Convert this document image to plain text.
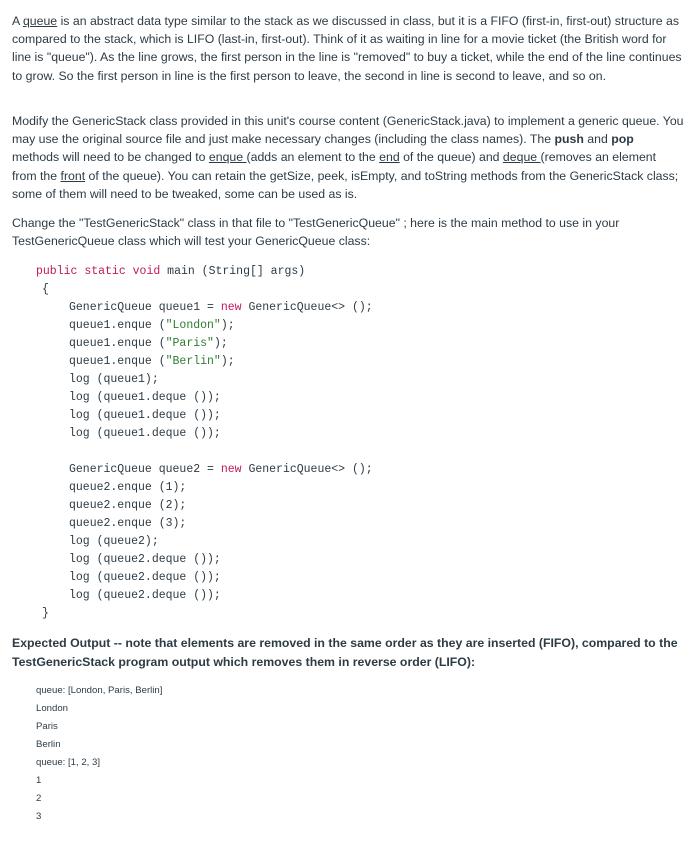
A queue is an abstract data type similar to the stack as we discussed in class, but it is a FIFO (first-in, first-out) structure as compared to the stack, which is LIFO (last-in, first-out). Think of it as waiting in line for a movie ticket (the British word for line is "queue"). As the line grows, the first person in the line is "removed" to buy a ticket, while the end of the line continues to grow. So the first person in line is the first person to leave, the second in line is second to leave, and so on.

Modify the GenericStack class provided in this unit's course content (GenericStack.java) to implement a generic queue. You may use the original source file and just make necessary changes (including the class names). The push and pop methods will need to be changed to enque (adds an element to the end of the queue) and deque (removes an element from the front of the queue). You can retain the getSize, peek, isEmpty, and toString methods from the GenericStack class; some of them will need to be tweaked, some can be used as is.

Change the "TestGenericStack" class in that file to "TestGenericQueue" ; here is the main method to use in your TestGenericQueue class which will test your GenericQueue class:

public static void main (String[] args)
{
GenericQueue queue1 = new GenericQueue<> ();
queue1.enque ("London");
queue1.enque ("Paris");
queue1.enque ("Berlin");
log (queue1);
log (queue1.deque ());
log (queue1.deque ());
log (queue1.deque ());
GenericQueue queue2 = new GenericQueue<> ();
queue2.enque (1);
queue2.enque (2);
queue2.enque (3);
log (queue2);
log (queue2.deque ());
log (queue2.deque ());
log (queue2.deque ());
}

Expected Output -- note that elements are removed in the same order as they are inserted (FIFO), compared to the TestGenericStack program output which removes them in reverse order (LIFO):

queue: [London, Paris, Berlin]
London
Paris
Berlin
queue: [1, 2, 3]
1
2
3
